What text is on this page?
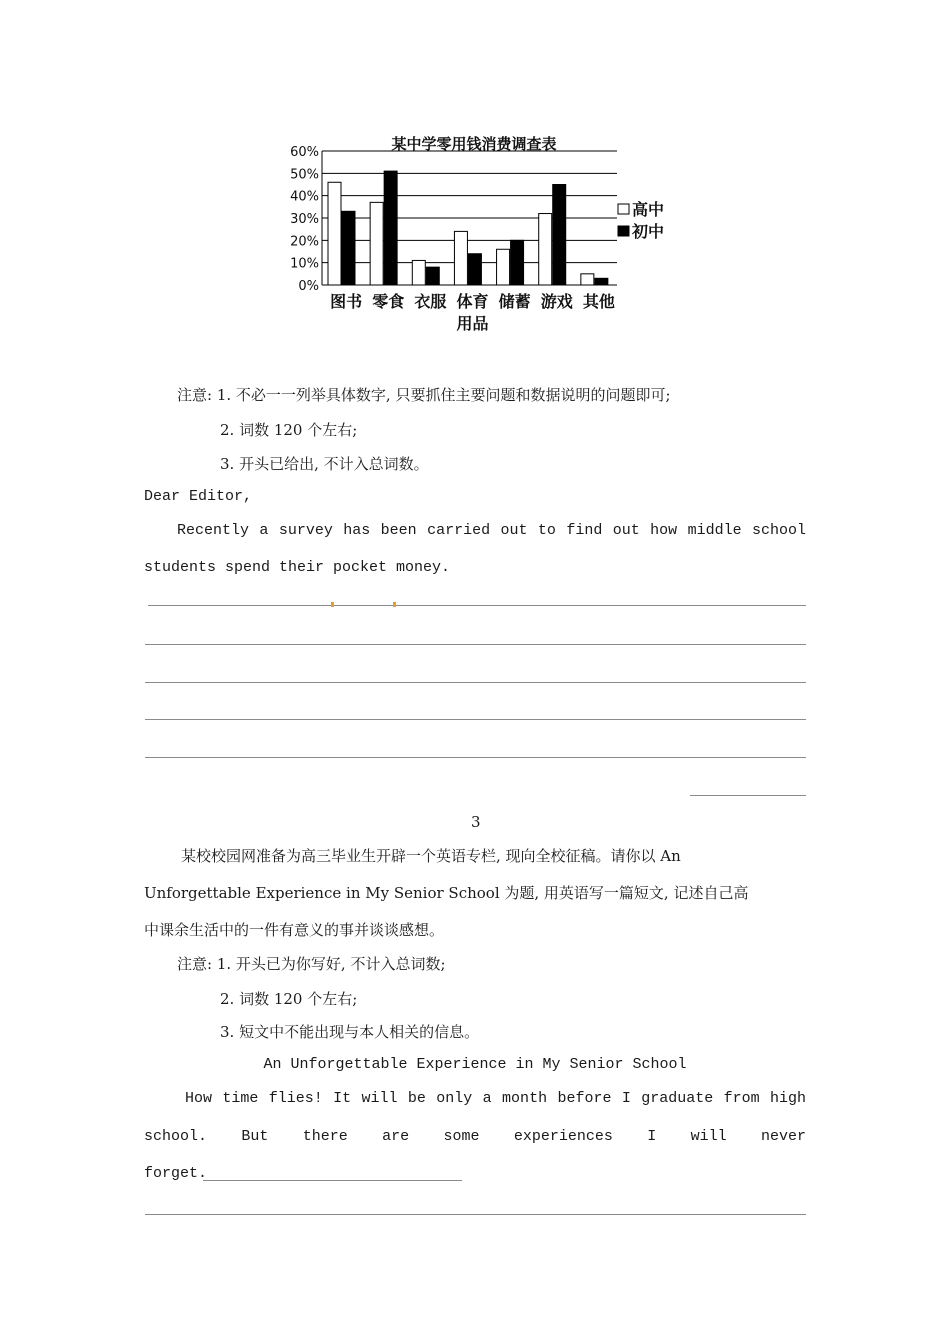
某中学零用钱消费调查表
0%
10%
20%
30%
40%
50%
60%
图书 零食 衣服 体育用品
储蓄 游戏 其他
高中
初中
注意: 1. 不必一一列举具体数字, 只要抓住主要问题和数据说明的问题即可;
2. 词数 120 个左右;
3. 开头已给出, 不计入总词数。
Dear Editor,
Recently a survey has been carried out to find out how middle school
students spend their pocket money.
3
某校校园网准备为高三毕业生开辟一个英语专栏, 现向全校征稿。请你以 An
Unforgettable Experience in My Senior School 为题, 用英语写一篇短文, 记述自己高
中课余生活中的一件有意义的事并谈谈感想。
注意: 1. 开头已为你写好, 不计入总词数;
2. 词数 120 个左右;
3. 短文中不能出现与本人相关的信息。
An Unforgettable Experience in My Senior School
How time flies! It will be only a month before I graduate from high
school. But there are some experiences I will never
forget.
